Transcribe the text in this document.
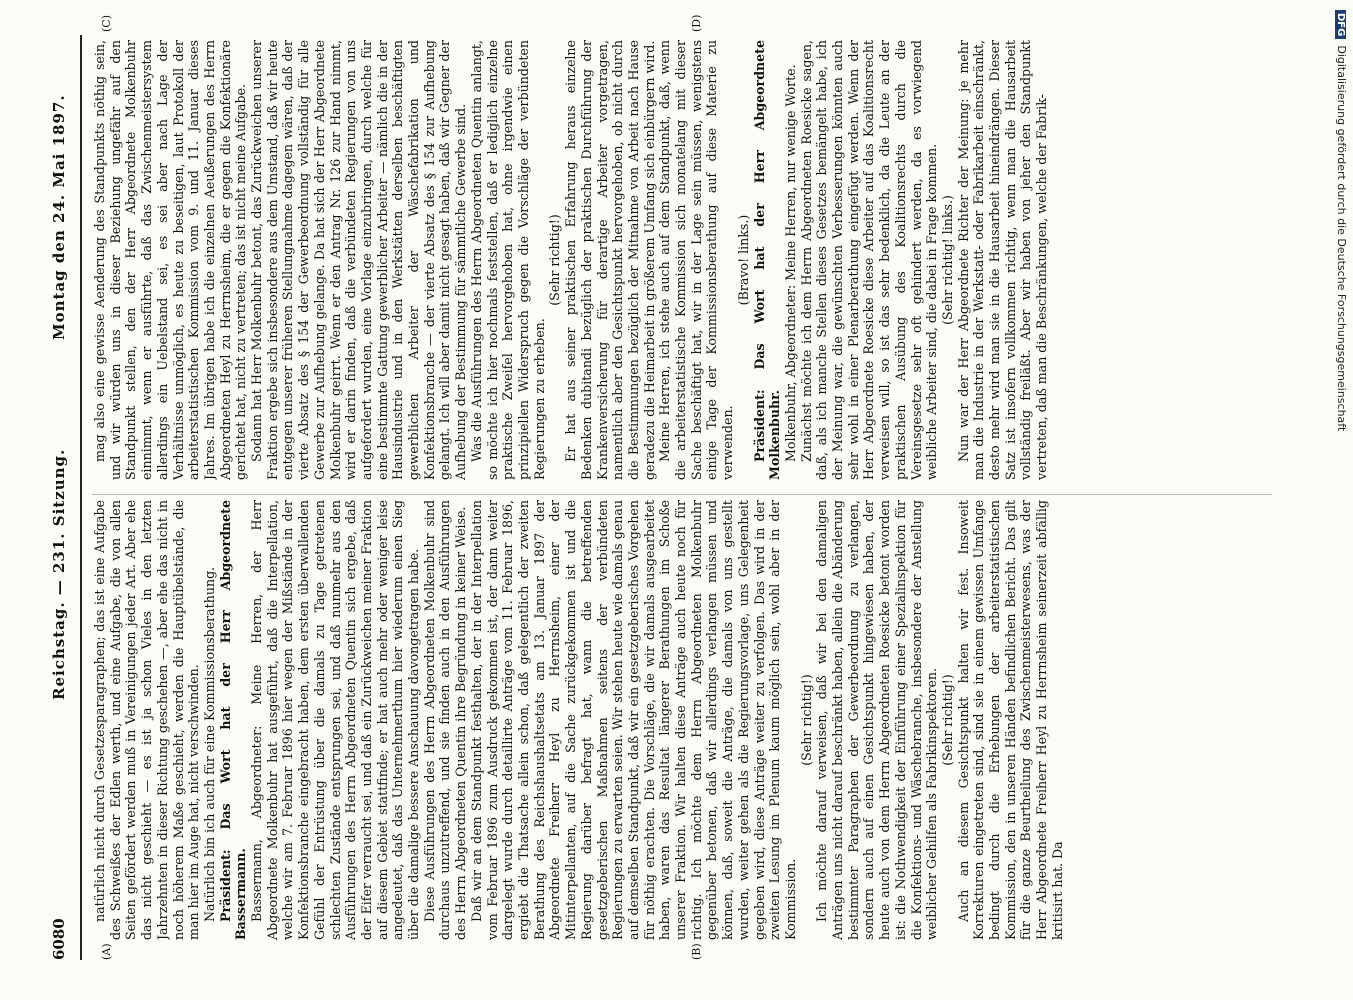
6080
Reichstag. — 231. Sitzung.
Montag den 24. Mai 1897.
(A)	(B)
(C)	(D)

natürlich nicht durch Gesetzesparagraphen; das ist eine Aufgabe des Schweißes der Edlen werth, und eine Aufgabe, die von allen Seiten gefördert werden muß in Vereinigungen jeder Art. Aber ehe das nicht geschieht — es ist ja schon Vieles in den letzten Jahrzehnten in dieser Richtung geschehen —, aber ehe das nicht in noch höherem Maße geschieht, werden die Hauptübelstände, die man hier im Auge hat, nicht verschwinden. Natürlich bin ich auch für eine Kommissionsberathung. Präsident: Das Wort hat der Herr Abgeordnete Bassermann. Bassermann, Abgeordneter: Meine Herren, der Herr Abgeordnete Molkenbuhr hat ausgeführt, daß die Interpellation, welche wir am 7. Februar 1896 hier wegen der Mißstände in der Konfektionsbranche eingebracht haben, dem ersten überwallenden Gefühl der Entrüstung über die damals zu Tage getretenen schlechten Zustände entsprungen sei, und daß nunmehr aus den Ausführungen des Herrn Abgeordneten Quentin sich ergebe, daß der Eifer verraucht sei, und daß ein Zurückweichen meiner Fraktion auf diesem Gebiet stattfinde; er hat auch mehr oder weniger leise angedeutet, daß das Unternehmerthum hier wiederum einen Sieg über die damalige bessere Anschauung davongetragen habe. Diese Ausführungen des Herrn Abgeordneten Molkenbuhr sind durchaus unzutreffend, und sie finden auch in den Ausführungen des Herrn Abgeordneten Quentin ihre Begründung in keiner Weise. Daß wir an dem Standpunkt festhalten, der in der Interpellation vom Februar 1896 zum Ausdruck gekommen ist, der dann weiter dargelegt wurde durch detaillirte Anträge vom 11. Februar 1896, ergiebt die Thatsache allein schon, daß gelegentlich der zweiten Berathung des Reichshaushaltsetats am 13. Januar 1897 der Abgeordnete Freiherr Heyl zu Herrnsheim, einer der Mitinterpellanten, auf die Sache zurückgekommen ist und die Regierung darüber befragt hat, wann die betreffenden gesetzgeberischen Maßnahmen seitens der verbündeten Regierungen zu erwarten seien. Wir stehen heute wie damals genau auf demselben Standpunkt, daß wir ein gesetzgeberisches Vorgehen für nöthig erachten. Die Vorschläge, die wir damals ausgearbeitet haben, waren das Resultat längerer Berathungen im Schoße unserer Fraktion. Wir halten diese Anträge auch heute noch für richtig. Ich möchte dem Herrn Abgeordneten Molkenbuhr gegenüber betonen, daß wir allerdings verlangen müssen und können, daß, soweit die Anträge, die damals von uns gestellt wurden, weiter gehen als die Regierungsvorlage, uns Gelegenheit gegeben wird, diese Anträge weiter zu verfolgen. Das wird in der zweiten Lesung im Plenum kaum möglich sein, wohl aber in der Kommission.

(Sehr richtig!) Ich möchte darauf verweisen, daß wir bei den damaligen Anträgen uns nicht darauf beschränkt haben, allein die Abänderung bestimmter Paragraphen der Gewerbeordnung zu verlangen, sondern auch auf einen Gesichtspunkt hingewiesen haben, der heute auch von dem Herrn Abgeordneten Roesicke betont worden ist: die Nothwendigkeit der Einführung einer Spezialinspektion für die Konfektions- und Wäschebranche, insbesondere der Anstellung weiblicher Gehilfen als Fabrikinspektoren. (Sehr richtig!) Auch an diesem Gesichtspunkt halten wir fest. Insoweit Korrekturen eingetreten sind, sind sie in einem gewissen Umfange bedingt durch die Erhebungen der arbeiterstatistischen Kommission, den in unseren Händen befindlichen Bericht. Das gilt für die ganze Beurtheilung des Zwischenmeisterwesens, was der Herr Abgeordnete Freiherr Heyl zu Herrnsheim seinerzeit abfällig kritisirt hat. Da

mag also eine gewisse Aenderung des Standpunkts nöthig sein, und wir würden uns in dieser Beziehung ungefähr auf den Standpunkt stellen, den der Herr Abgeordnete Molkenbuhr einnimmt, wenn er ausführte, daß das Zwischenmeistersystem allerdings ein Uebelstand sei, es sei aber nach Lage der Verhältnisse unmöglich, es heute zu beseitigen, laut Protokoll der arbeiterstatistischen Kommission vom 9. und 11. Januar dieses Jahres. Im übrigen habe ich die einzelnen Aeußerungen des Herrn Abgeordneten Heyl zu Herrnsheim, die er gegen die Konfektionäre gerichtet hat, nicht zu vertreten; das ist nicht meine Aufgabe. Sodann hat Herr Molkenbuhr betont, das Zurückweichen unserer Fraktion ergebe sich insbesondere aus dem Umstand, daß wir heute entgegen unserer früheren Stellungnahme dagegen wären, daß der vierte Absatz des § 154 der Gewerbeordnung vollständig für alle Gewerbe zur Aufhebung gelange. Da hat sich der Herr Abgeordnete Molkenbuhr geirrt. Wenn er den Antrag Nr. 126 zur Hand nimmt, wird er darin finden, daß die verbündeten Regierungen von uns aufgefordert wurden, eine Vorlage einzubringen, durch welche für eine bestimmte Gattung gewerblicher Arbeiter — nämlich die in der Hausindustrie und in den Werkstätten derselben beschäftigten gewerblichen Arbeiter der Wäschefabrikation und Konfektionsbranche — der vierte Absatz des § 154 zur Aufhebung gelangt. Ich will aber damit nicht gesagt haben, daß wir Gegner der Aufhebung der Bestimmung für sämmtliche Gewerbe sind. Was die Ausführungen des Herrn Abgeordneten Quentin anlangt, so möchte ich hier nochmals feststellen, daß er lediglich einzelne praktische Zweifel hervorgehoben hat, ohne irgendwie einen prinzipiellen Widerspruch gegen die Vorschläge der verbündeten Regierungen zu erheben.

(Sehr richtig!) Er hat aus seiner praktischen Erfahrung heraus einzelne Bedenken dubitandi bezüglich der praktischen Durchführung der Krankenversicherung für derartige Arbeiter vorgetragen, namentlich aber den Gesichtspunkt hervorgehoben, ob nicht durch die Bestimmungen bezüglich der Mitnahme von Arbeit nach Hause geradezu die Heimarbeit in größerem Umfang sich einbürgern wird. Meine Herren, ich stehe auch auf dem Standpunkt, daß, wenn die arbeiterstatistische Kommission sich monatelang mit dieser Sache beschäftigt hat, wir in der Lage sein müssen, wenigstens einige Tage der Kommissionsberathung auf diese Materie zu verwenden.

(Bravo! links.) Präsident: Das Wort hat der Herr Abgeordnete Molkenbuhr. Molkenbuhr, Abgeordneter: Meine Herren, nur wenige Worte. Zunächst möchte ich dem Herrn Abgeordneten Roesicke sagen, daß, als ich manche Stellen dieses Gesetzes bemängelt habe, ich der Meinung war, die gewünschten Verbesserungen könnten auch sehr wohl in einer Plenarberathung eingefügt werden. Wenn der Herr Abgeordnete Roesicke diese Arbeiter auf das Koalitionsrecht verweisen will, so ist das sehr bedenklich, da die Leute an der praktischen Ausübung des Koalitionsrechts durch die Vereinsgesetze sehr oft gehindert werden, da es vorwiegend weibliche Arbeiter sind, die dabei in Frage kommen. (Sehr richtig! links.) Nun war der Herr Abgeordnete Richter der Meinung: je mehr man die Industrie in der Werkstatt- oder Fabrikarbeit einschränkt, desto mehr wird man sie in die Hausarbeit hineindrängen. Dieser Satz ist insofern vollkommen richtig, wenn man die Hausarbeit vollständig freiläßt. Aber wir haben von jeher den Standpunkt vertreten, daß man die Beschränkungen, welche der Fabrik-

DFGDigitalisierung gefördert durch die Deutsche Forschungsgemeinschaft
